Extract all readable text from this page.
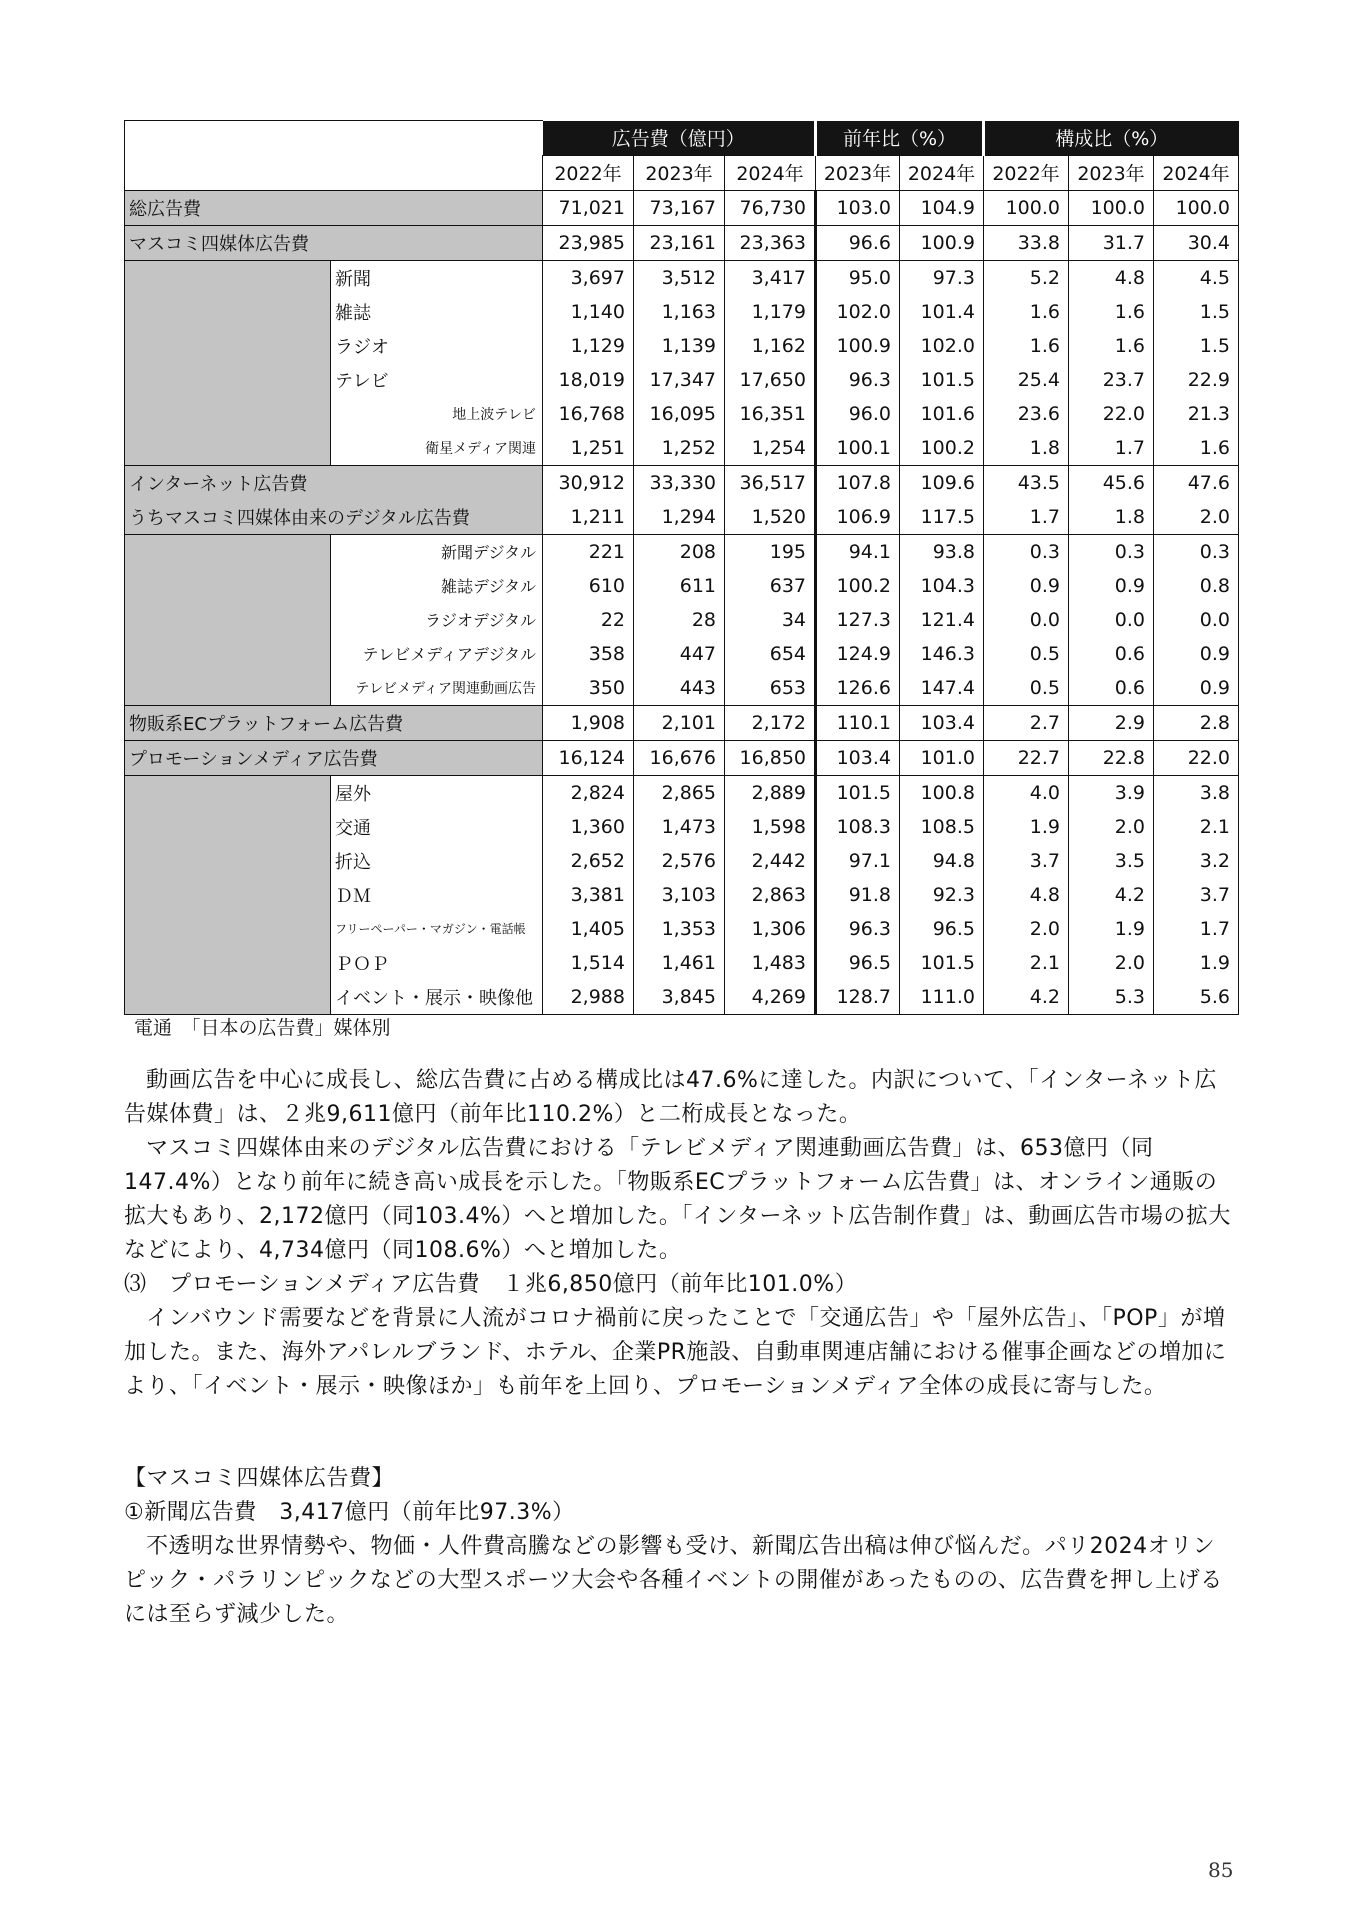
		広告費（億円）			前年比（%）		構成比（%）		
		2022年	2023年	2024年	2023年	2024年	2022年	2023年	2024年
総広告費		71,021	73,167	76,730	103.0	104.9	100.0	100.0	100.0
マスコミ四媒体広告費		23,985	23,161	23,363	96.6	100.9	33.8	31.7	30.4
	新聞	3,697	3,512	3,417	95.0	97.3	5.2	4.8	4.5
	雑誌	1,140	1,163	1,179	102.0	101.4	1.6	1.6	1.5
	ラジオ	1,129	1,139	1,162	100.9	102.0	1.6	1.6	1.5
	テレビ	18,019	17,347	17,650	96.3	101.5	25.4	23.7	22.9
	地上波テレビ	16,768	16,095	16,351	96.0	101.6	23.6	22.0	21.3
	衛星メディア関連	1,251	1,252	1,254	100.1	100.2	1.8	1.7	1.6
インターネット広告費		30,912	33,330	36,517	107.8	109.6	43.5	45.6	47.6
うちマスコミ四媒体由来のデジタル広告費		1,211	1,294	1,520	106.9	117.5	1.7	1.8	2.0
	新聞デジタル	221	208	195	94.1	93.8	0.3	0.3	0.3
	雑誌デジタル	610	611	637	100.2	104.3	0.9	0.9	0.8
	ラジオデジタル	22	28	34	127.3	121.4	0.0	0.0	0.0
	テレビメディアデジタル	358	447	654	124.9	146.3	0.5	0.6	0.9
	テレビメディア関連動画広告	350	443	653	126.6	147.4	0.5	0.6	0.9
物販系ECプラットフォーム広告費		1,908	2,101	2,172	110.1	103.4	2.7	2.9	2.8
プロモーションメディア広告費		16,124	16,676	16,850	103.4	101.0	22.7	22.8	22.0
	屋外	2,824	2,865	2,889	101.5	100.8	4.0	3.9	3.8
	交通	1,360	1,473	1,598	108.3	108.5	1.9	2.0	2.1
	折込	2,652	2,576	2,442	97.1	94.8	3.7	3.5	3.2
	ＤＭ	3,381	3,103	2,863	91.8	92.3	4.8	4.2	3.7
	フリーペーパー・マガジン・電話帳	1,405	1,353	1,306	96.3	96.5	2.0	1.9	1.7
	ＰＯＰ	1,514	1,461	1,483	96.5	101.5	2.1	2.0	1.9
	イベント・展示・映像他	2,988	3,845	4,269	128.7	111.0	4.2	5.3	5.6
電通　「日本の広告費」媒体別

動画広告を中心に成長し、総広告費に占める構成比は47.6%に達した。内訳について、「インターネット広告媒体費」は、２兆9,611億円（前年比110.2%）と二桁成長となった。

マスコミ四媒体由来のデジタル広告費における「テレビメディア関連動画広告費」は、653億円（同147.4%）となり前年に続き高い成長を示した。「物販系ECプラットフォーム広告費」は、オンライン通販の拡大もあり、2,172億円（同103.4%）へと増加した。「インターネット広告制作費」は、動画広告市場の拡大などにより、4,734億円（同108.6%）へと増加した。

⑶　プロモーションメディア広告費　１兆6,850億円（前年比101.0%）

インバウンド需要などを背景に人流がコロナ禍前に戻ったことで「交通広告」や「屋外広告」、「POP」が増加した。また、海外アパレルブランド、ホテル、企業PR施設、自動車関連店舗における催事企画などの増加により、「イベント・展示・映像ほか」も前年を上回り、プロモーションメディア全体の成長に寄与した。

【マスコミ四媒体広告費】

①新聞広告費　3,417億円（前年比97.3%）

不透明な世界情勢や、物価・人件費高騰などの影響も受け、新聞広告出稿は伸び悩んだ。パリ2024オリンピック・パラリンピックなどの大型スポーツ大会や各種イベントの開催があったものの、広告費を押し上げるには至らず減少した。

85
